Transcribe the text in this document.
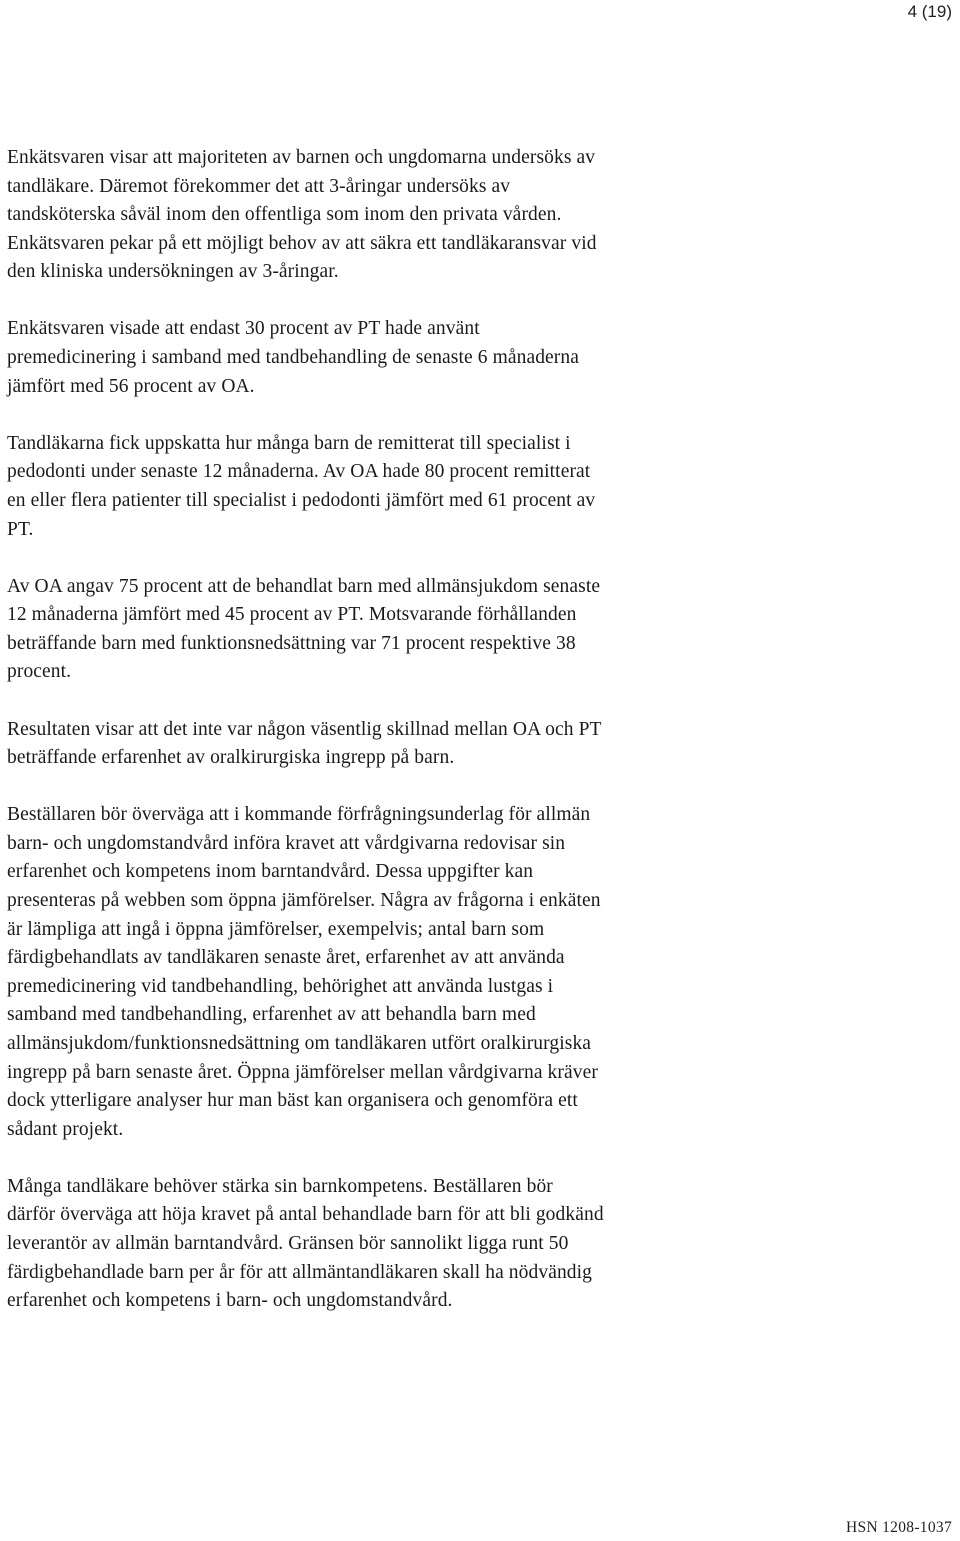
4 (19)

Enkätsvaren visar att majoriteten av barnen och ungdomarna undersöks av
tandläkare. Däremot förekommer det att 3-åringar undersöks av
tandsköterska såväl inom den offentliga som inom den privata vården.
Enkätsvaren pekar på ett möjligt behov av att säkra ett tandläkaransvar vid
den kliniska undersökningen av 3-åringar.

Enkätsvaren visade att endast 30 procent av PT hade använt
premedicinering i samband med tandbehandling de senaste 6 månaderna
jämfört med 56 procent av OA.

Tandläkarna fick uppskatta hur många barn de remitterat till specialist i
pedodonti under senaste 12 månaderna. Av OA hade 80 procent remitterat
en eller flera patienter till specialist i pedodonti jämfört med 61 procent av
PT.

Av OA angav 75 procent att de behandlat barn med allmänsjukdom senaste
12 månaderna jämfört med 45 procent av PT. Motsvarande förhållanden
beträffande barn med funktionsnedsättning var 71 procent respektive 38
procent.

Resultaten visar att det inte var någon väsentlig skillnad mellan OA och PT
beträffande erfarenhet av oralkirurgiska ingrepp på barn.

Beställaren bör överväga att i kommande förfrågningsunderlag för allmän
barn- och ungdomstandvård införa kravet att vårdgivarna redovisar sin
erfarenhet och kompetens inom barntandvård. Dessa uppgifter kan
presenteras på webben som öppna jämförelser. Några av frågorna i enkäten
är lämpliga att ingå i öppna jämförelser, exempelvis; antal barn som
färdigbehandlats av tandläkaren senaste året, erfarenhet av att använda
premedicinering vid tandbehandling, behörighet att använda lustgas i
samband med tandbehandling, erfarenhet av att behandla barn med
allmänsjukdom/funktionsnedsättning om tandläkaren utfört oralkirurgiska
ingrepp på barn senaste året. Öppna jämförelser mellan vårdgivarna kräver
dock ytterligare analyser hur man bäst kan organisera och genomföra ett
sådant projekt.

Många tandläkare behöver stärka sin barnkompetens. Beställaren bör
därför överväga att höja kravet på antal behandlade barn för att bli godkänd
leverantör av allmän barntandvård. Gränsen bör sannolikt ligga runt 50
färdigbehandlade barn per år för att allmäntandläkaren skall ha nödvändig
erfarenhet och kompetens i barn- och ungdomstandvård.

HSN 1208-1037
